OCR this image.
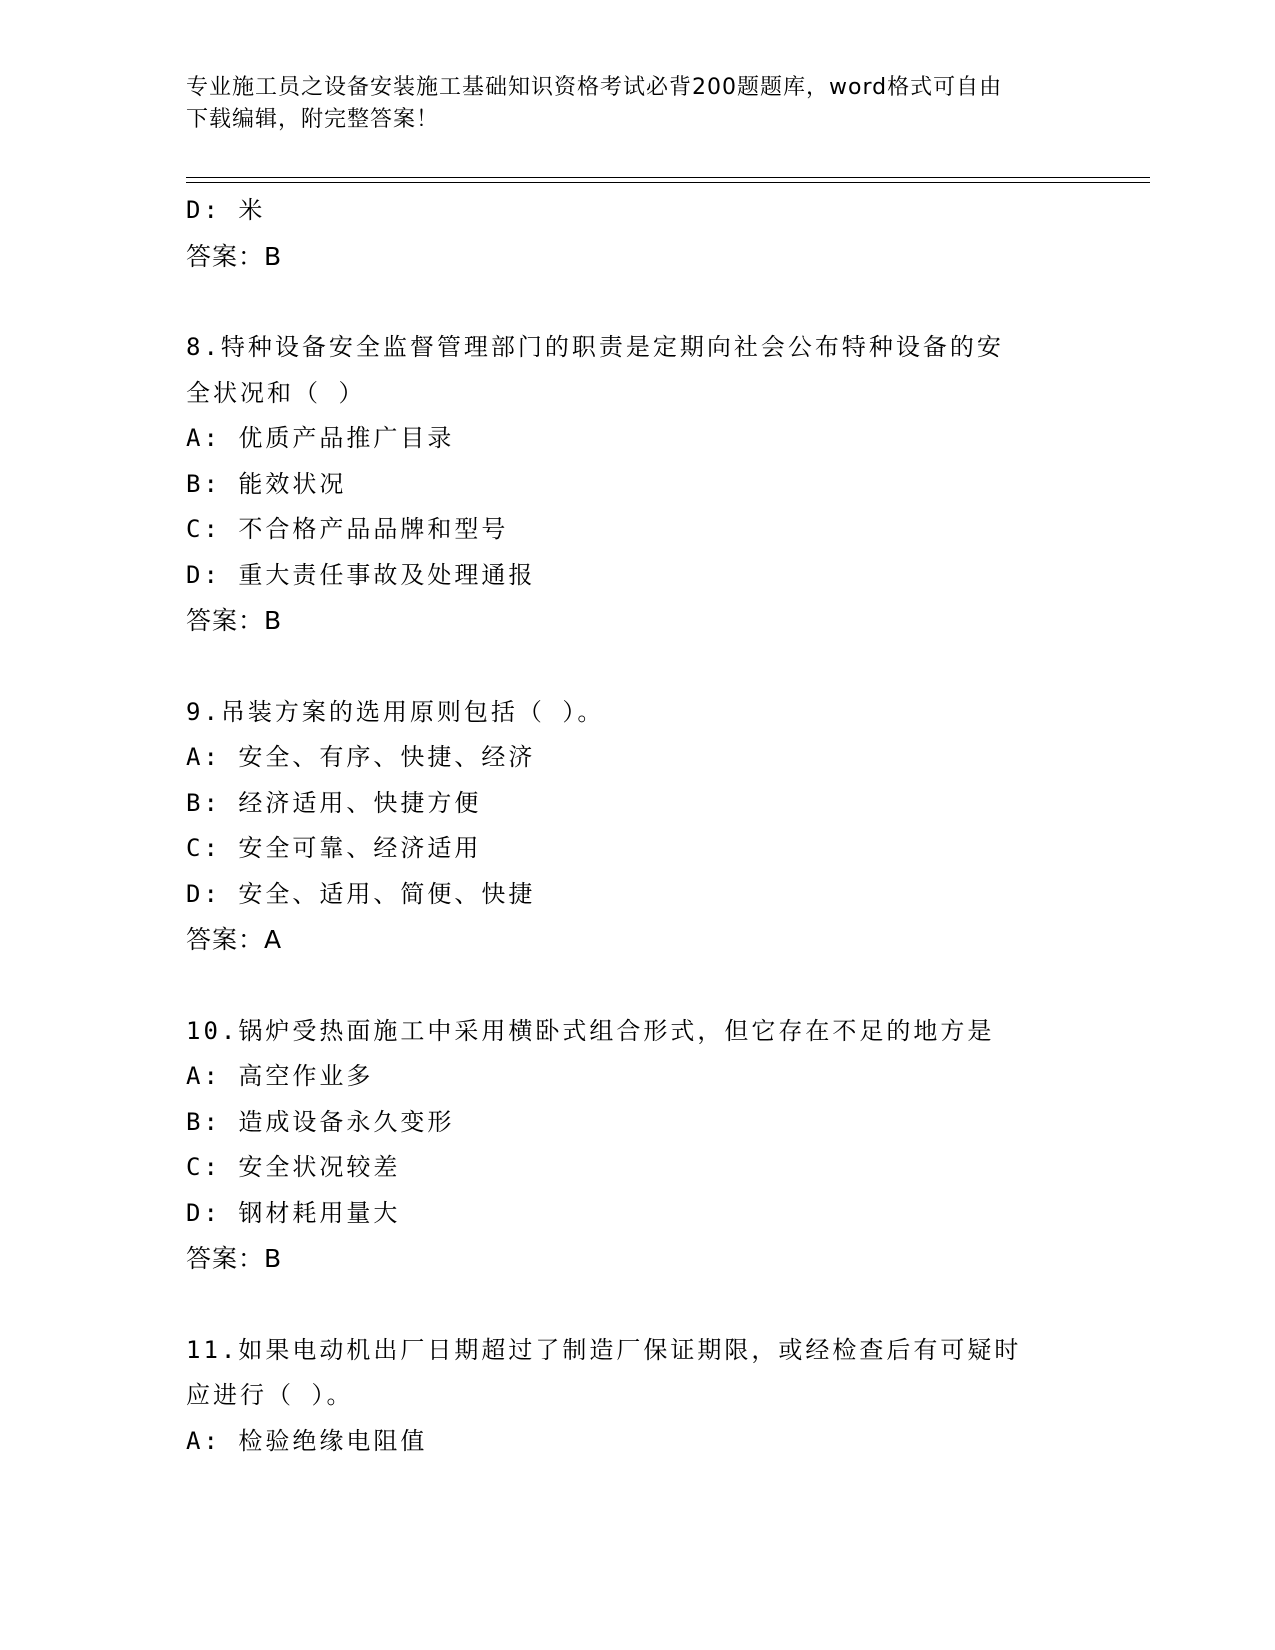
专业施工员之设备安装施工基础知识资格考试必背200题题库，word格式可自由
下载编辑，附完整答案！
D: 米
答案：B
8.特种设备安全监督管理部门的职责是定期向社会公布特种设备的安
全状况和（ ）
A: 优质产品推广目录
B: 能效状况
C: 不合格产品品牌和型号
D: 重大责任事故及处理通报
答案：B
9.吊装方案的选用原则包括（ ）。
A: 安全、有序、快捷、经济
B: 经济适用、快捷方便
C: 安全可靠、经济适用
D: 安全、适用、简便、快捷
答案：A
10.锅炉受热面施工中采用横卧式组合形式，但它存在不足的地方是
A: 高空作业多
B: 造成设备永久变形
C: 安全状况较差
D: 钢材耗用量大
答案：B
11.如果电动机出厂日期超过了制造厂保证期限，或经检查后有可疑时
应进行（ ）。
A: 检验绝缘电阻值
